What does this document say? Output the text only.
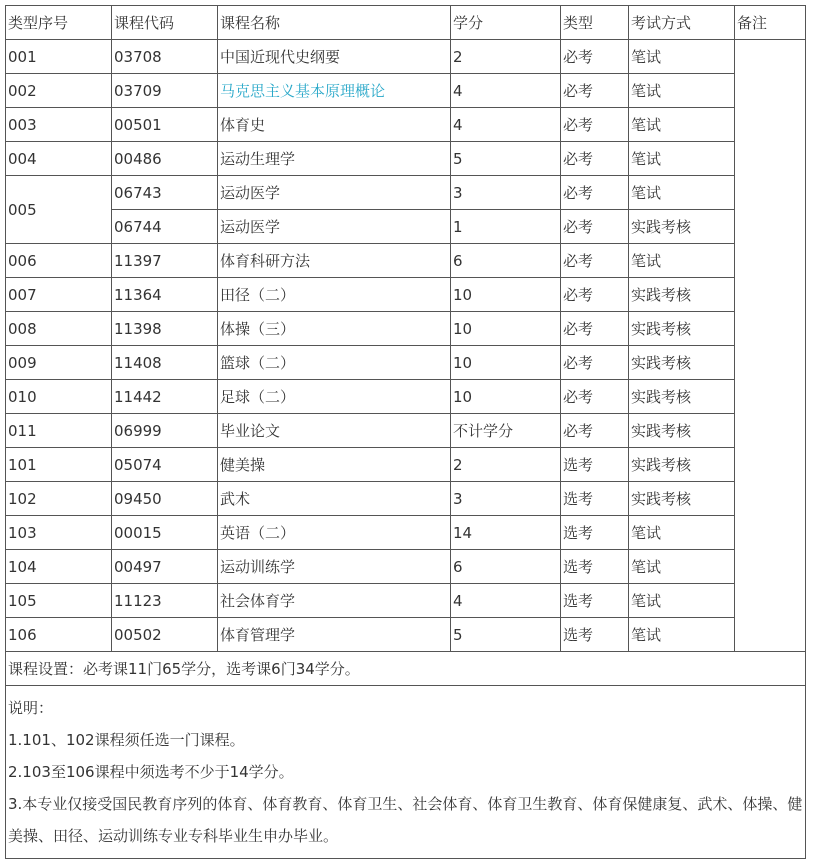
类型序号	课程代码	课程名称	学分	类型	考试方式	备注
001	03708	中国近现代史纲要	2	必考	笔试	
002	03709	马克思主义基本原理概论	4	必考	笔试	
003	00501	体育史	4	必考	笔试	
004	00486	运动生理学	5	必考	笔试	
005	06743	运动医学	3	必考	笔试	
	06744	运动医学	1	必考	实践考核	
006	11397	体育科研方法	6	必考	笔试	
007	11364	田径（二）	10	必考	实践考核	
008	11398	体操（三）	10	必考	实践考核	
009	11408	篮球（二）	10	必考	实践考核	
010	11442	足球（二）	10	必考	实践考核	
011	06999	毕业论文	不计学分	必考	实践考核	
101	05074	健美操	2	选考	实践考核	
102	09450	武术	3	选考	实践考核	
103	00015	英语（二）	14	选考	笔试	
104	00497	运动训练学	6	选考	笔试	
105	11123	社会体育学	4	选考	笔试	
106	00502	体育管理学	5	选考	笔试	
课程设置：必考课11门65学分，选考课6门34学分。						

说明：
1.101、102课程须任选一门课程。
2.103至106课程中须选考不少于14学分。
3.本专业仅接受国民教育序列的体育、体育教育、体育卫生、社会体育、体育卫生教育、体育保健康复、武术、体操、健美操、田径、运动训练专业专科毕业生申办毕业。						
